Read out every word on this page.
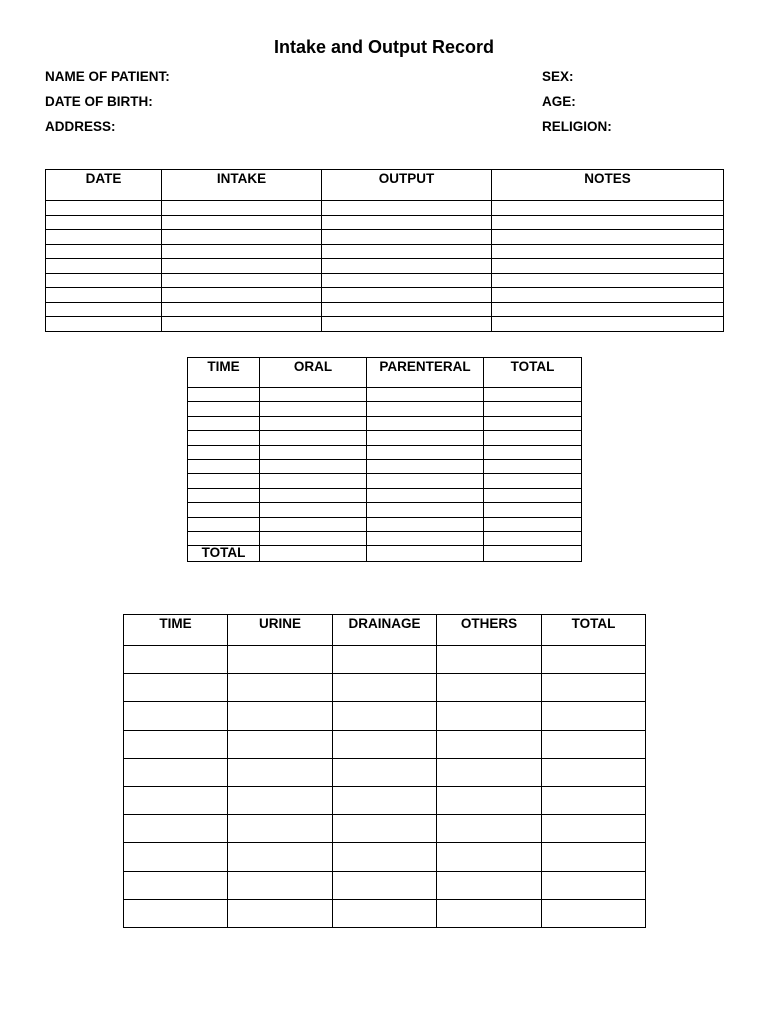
Intake and Output Record
NAME OF PATIENT:
DATE OF BIRTH:
ADDRESS:
SEX:
AGE:
RELIGION:
DATE	INTAKE	OUTPUT	NOTES

TIME	ORAL	PARENTERAL	TOTAL

TOTAL			
TIME	URINE	DRAINAGE	OTHERS	TOTAL
